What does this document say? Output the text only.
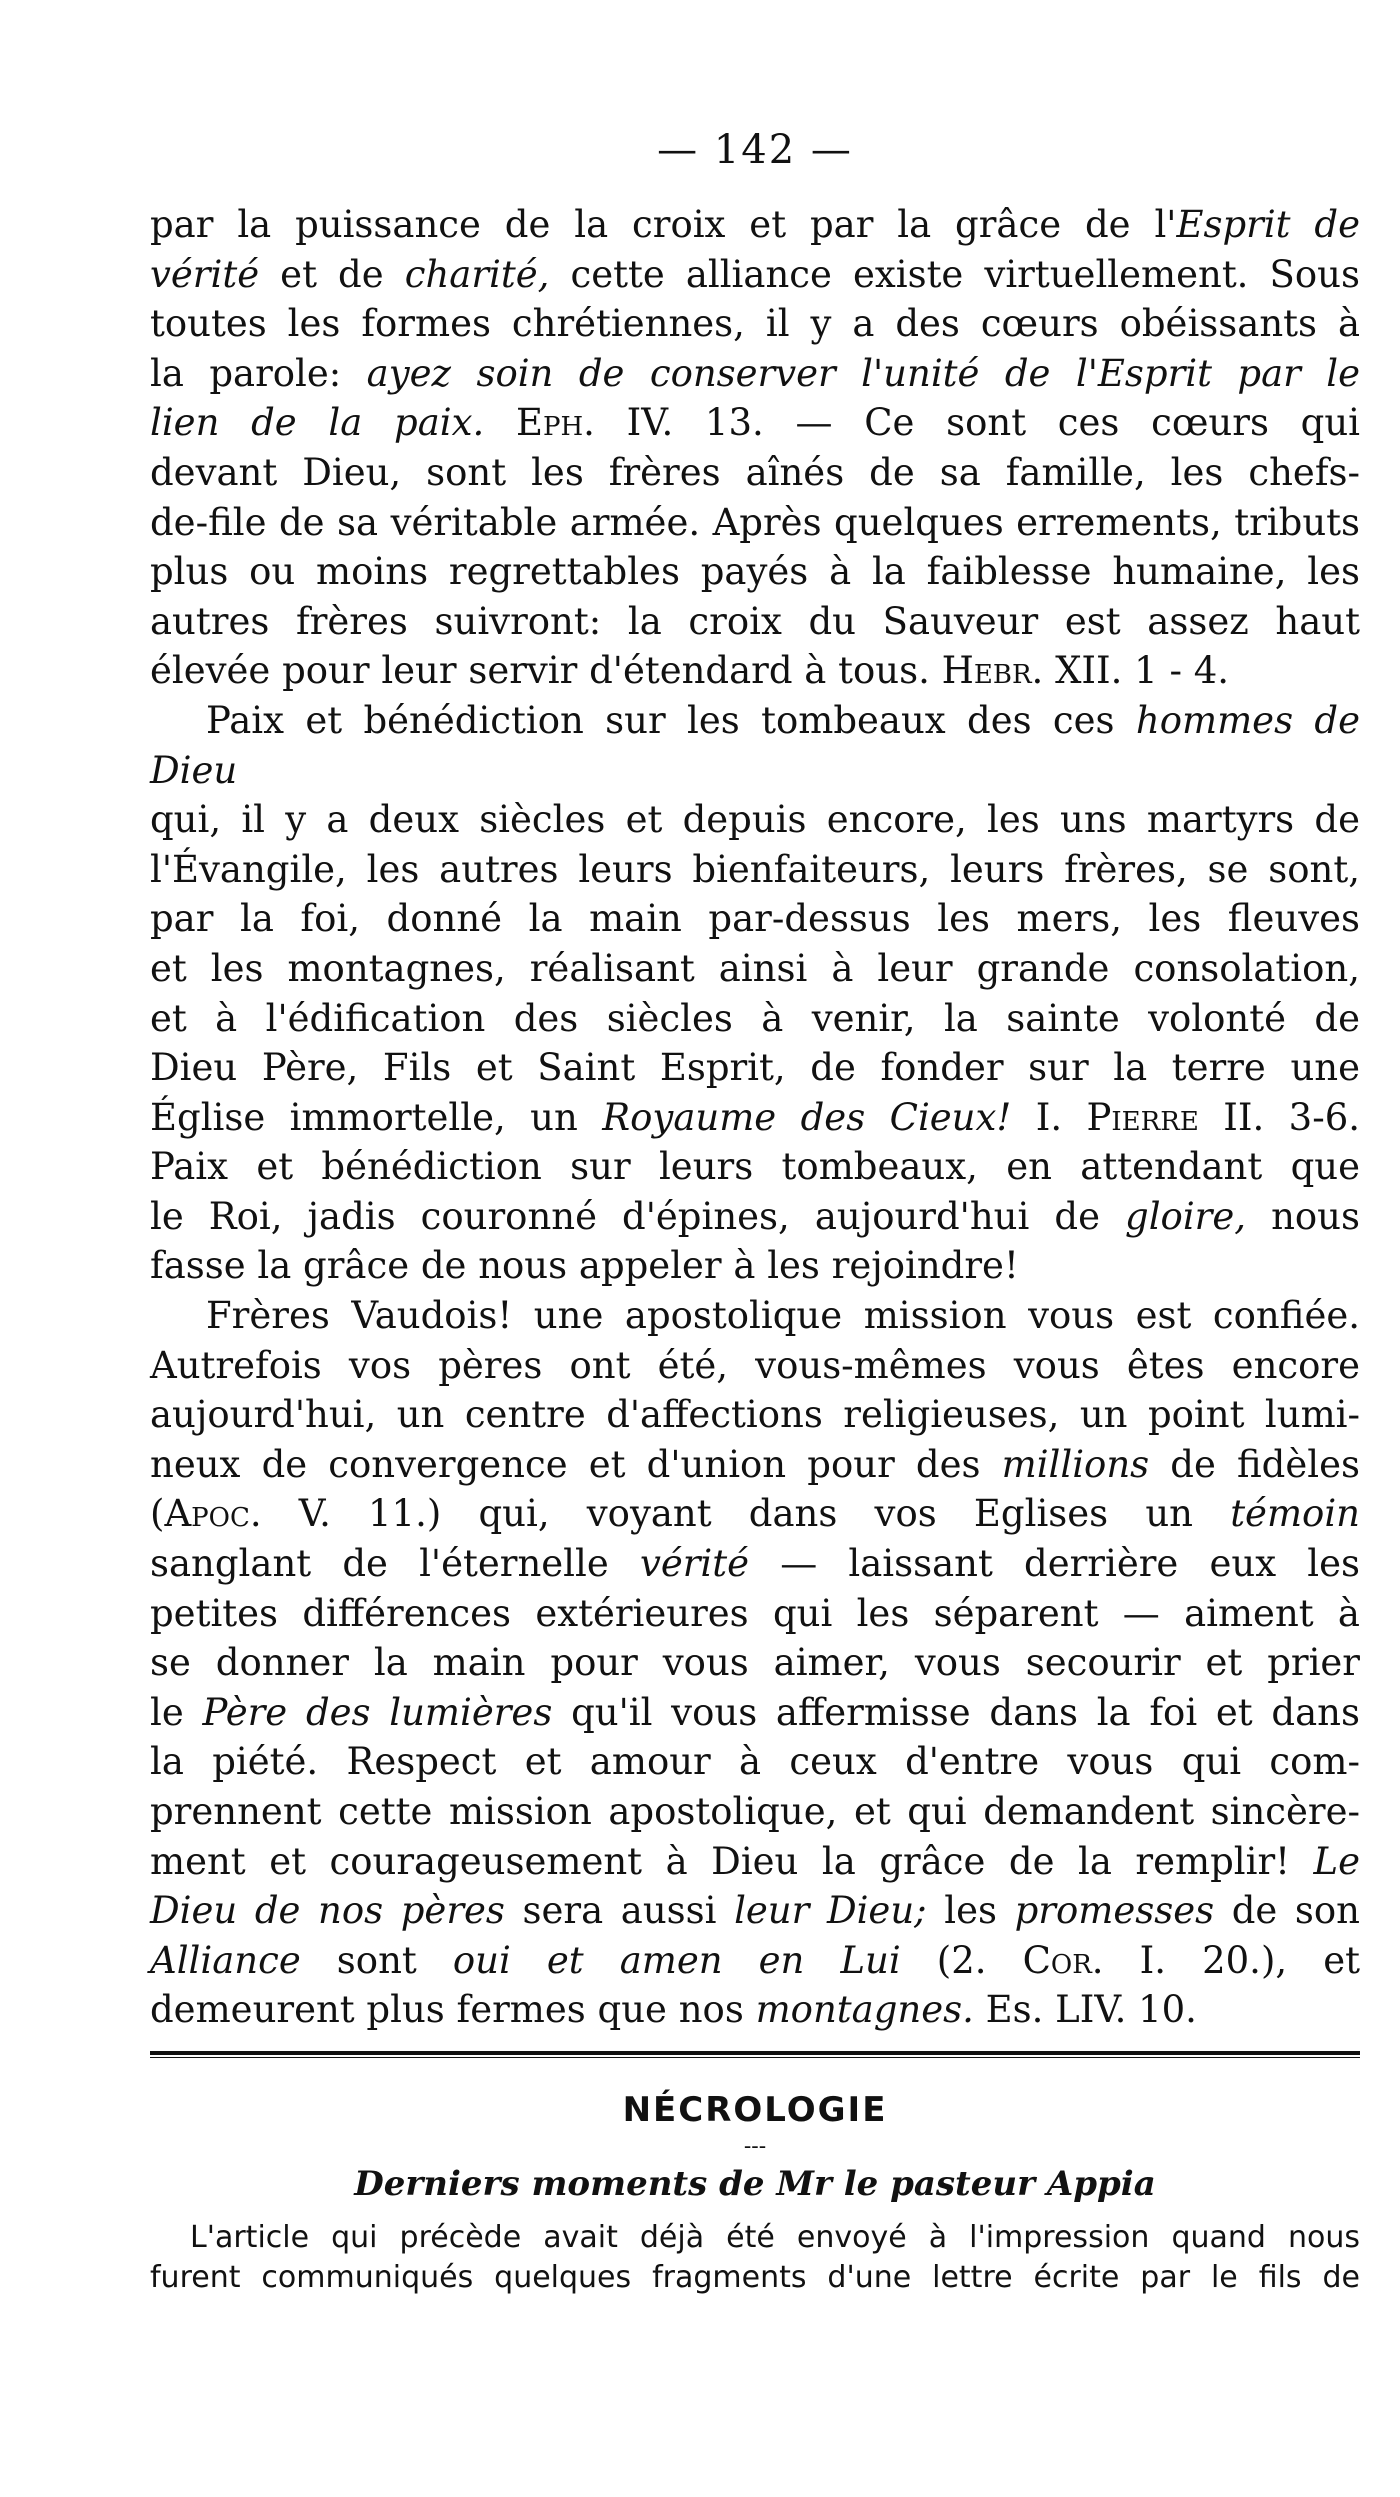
— 142 —
par la puissance de la croix et par la grâce de l'Esprit de
vérité et de charité, cette alliance existe virtuellement. Sous
toutes les formes chrétiennes, il y a des cœurs obéissants à
la parole: ayez soin de conserver l'unité de l'Esprit par le
lien de la paix. Eph. IV. 13. — Ce sont ces cœurs qui
devant Dieu, sont les frères aînés de sa famille, les chefs-
de-file de sa véritable armée. Après quelques errements, tributs
plus ou moins regrettables payés à la faiblesse humaine, les
autres frères suivront: la croix du Sauveur est assez haut
élevée pour leur servir d'étendard à tous. Hebr. XII. 1 - 4.
Paix et bénédiction sur les tombeaux des ces hommes de Dieu
qui, il y a deux siècles et depuis encore, les uns martyrs de
l'Évangile, les autres leurs bienfaiteurs, leurs frères, se sont,
par la foi, donné la main par-dessus les mers, les fleuves
et les montagnes, réalisant ainsi à leur grande consolation,
et à l'édification des siècles à venir, la sainte volonté de
Dieu Père, Fils et Saint Esprit, de fonder sur la terre une
Église immortelle, un Royaume des Cieux! I. Pierre II. 3-6.
Paix et bénédiction sur leurs tombeaux, en attendant que
le Roi, jadis couronné d'épines, aujourd'hui de gloire, nous
fasse la grâce de nous appeler à les rejoindre!
Frères Vaudois! une apostolique mission vous est confiée.
Autrefois vos pères ont été, vous-mêmes vous êtes encore
aujourd'hui, un centre d'affections religieuses, un point lumi-
neux de convergence et d'union pour des millions de fidèles
(Apoc. V. 11.) qui, voyant dans vos Eglises un témoin
sanglant de l'éternelle vérité — laissant derrière eux les
petites différences extérieures qui les séparent — aiment à
se donner la main pour vous aimer, vous secourir et prier
le Père des lumières qu'il vous affermisse dans la foi et dans
la piété. Respect et amour à ceux d'entre vous qui com-
prennent cette mission apostolique, et qui demandent sincère-
ment et courageusement à Dieu la grâce de la remplir! Le
Dieu de nos pères sera aussi leur Dieu; les promesses de son
Alliance sont oui et amen en Lui (2. Cor. I. 20.), et
demeurent plus fermes que nos montagnes. Es. LIV. 10.
NÉCROLOGIE
---
Derniers moments de Mr le pasteur Appia
L'article qui précède avait déjà été envoyé à l'impression quand nous
furent communiqués quelques fragments d'une lettre écrite par le fils de
